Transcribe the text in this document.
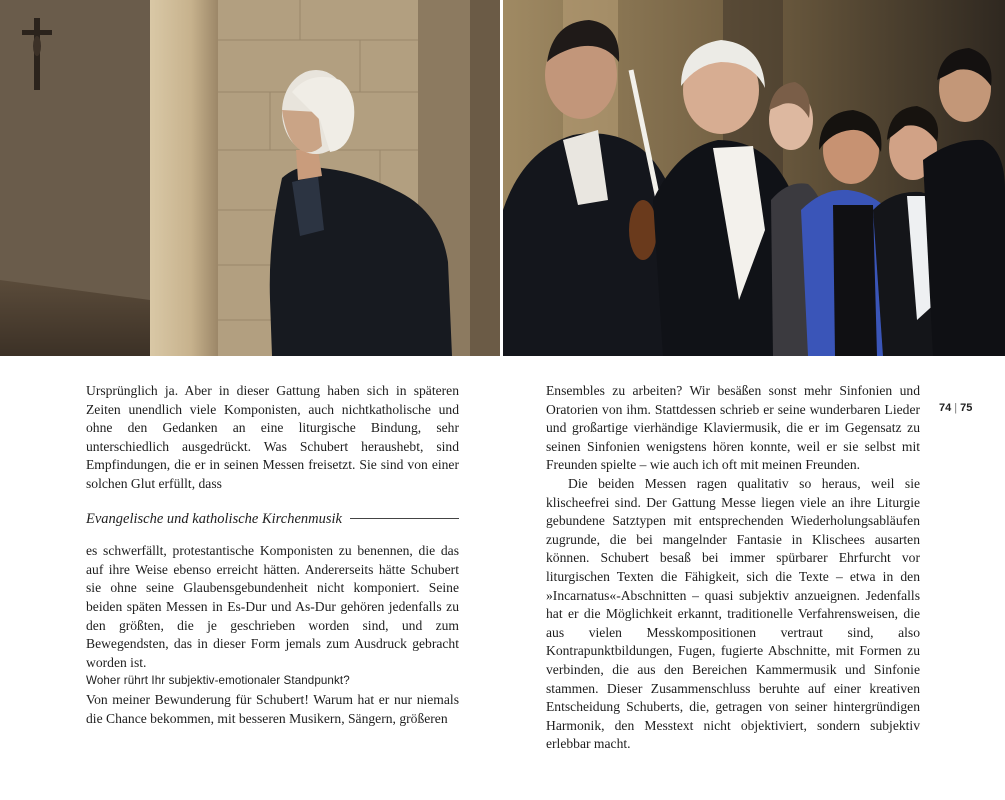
Ursprünglich ja. Aber in dieser Gattung haben sich in späteren Zeiten unendlich viele Komponisten, auch nichtkatholische und ohne den Gedanken an eine liturgische Bindung, sehr unterschiedlich ausgedrückt. Was Schubert heraushebt, sind Empfindungen, die er in seinen Messen freisetzt. Sie sind von einer solchen Glut erfüllt, dass

Evangelische und katholische Kirchenmusik

es schwerfällt, protestantische Komponisten zu benennen, die das auf ihre Weise ebenso erreicht hätten. Andererseits hätte Schubert sie ohne seine Glaubensgebundenheit nicht komponiert. Seine beiden späten Messen in Es-Dur und As-Dur gehören jedenfalls zu den größten, die je geschrieben worden sind, und zum Bewegendsten, das in dieser Form jemals zum Ausdruck gebracht worden ist.

Woher rührt Ihr subjektiv-emotionaler Standpunkt?

Von meiner Bewunderung für Schubert! Warum hat er nur niemals die Chance bekommen, mit besseren Musikern, Sängern, größeren

Ensembles zu arbeiten? Wir besäßen sonst mehr Sinfonien und Oratorien von ihm. Stattdessen schrieb er seine wunderbaren Lieder und großartige vierhändige Klaviermusik, die er im Gegensatz zu seinen Sinfonien wenigstens hören konnte, weil er sie selbst mit Freunden spielte – wie auch ich oft mit meinen Freunden.

Die beiden Messen ragen qualitativ so heraus, weil sie klischeefrei sind. Der Gattung Messe liegen viele an ihre Liturgie gebundene Satztypen mit entsprechenden Wiederholungsabläufen zugrunde, die bei mangelnder Fantasie in Klischees ausarten können. Schubert besaß bei immer spürbarer Ehrfurcht vor liturgischen Texten die Fähigkeit, sich die Texte – etwa in den »Incarnatus«-Abschnitten – quasi subjektiv anzueignen. Jedenfalls hat er die Möglichkeit erkannt, traditionelle Verfahrensweisen, die aus vielen Messkompositionen vertraut sind, also Kontrapunktbildungen, Fugen, fugierte Abschnitte, mit Formen zu verbinden, die aus den Bereichen Kammermusik und Sinfonie stammen. Dieser Zusammenschluss beruhte auf einer kreativen Entscheidung Schuberts, die, getragen von seiner hintergründigen Harmonik, den Messtext nicht objektiviert, sondern subjektiv erlebbar macht.

74 | 75
